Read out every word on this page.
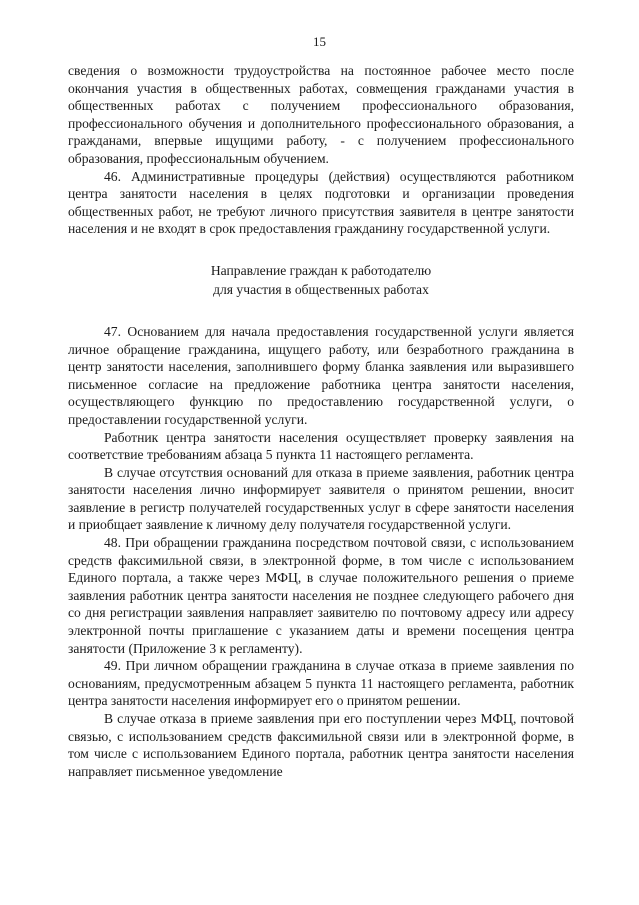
15

сведения о возможности трудоустройства на постоянное рабочее место после окончания участия в общественных работах, совмещения гражданами участия в общественных работах с получением профессионального образования, профессионального обучения и дополнительного профессионального образования, а гражданами, впервые ищущими работу, - с получением профессионального образования, профессиональным обучением.

46. Административные процедуры (действия) осуществляются работником центра занятости населения в целях подготовки и организации проведения общественных работ, не требуют личного присутствия заявителя в центре занятости населения и не входят в срок предоставления гражданину государственной услуги.

Направление граждан к работодателю
для участия в общественных работах

47. Основанием для начала предоставления государственной услуги является личное обращение гражданина, ищущего работу, или безработного гражданина в центр занятости населения, заполнившего форму бланка заявления или выразившего письменное согласие на предложение работника центра занятости населения, осуществляющего функцию по предоставлению государственной услуги, о предоставлении государственной услуги.

Работник центра занятости населения осуществляет проверку заявления на соответствие требованиям абзаца 5 пункта 11 настоящего регламента.

В случае отсутствия оснований для отказа в приеме заявления, работник центра занятости населения лично информирует заявителя о принятом решении, вносит заявление в регистр получателей государственных услуг в сфере занятости населения и приобщает заявление к личному делу получателя государственной услуги.

48. При обращении гражданина посредством почтовой связи, с использованием средств факсимильной связи, в электронной форме, в том числе с использованием Единого портала, а также через МФЦ, в случае положительного решения о приеме заявления работник центра занятости населения не позднее следующего рабочего дня со дня регистрации заявления направляет заявителю по почтовому адресу или адресу электронной почты приглашение с указанием даты и времени посещения центра занятости (Приложение 3 к регламенту).

49. При личном обращении гражданина в случае отказа в приеме заявления по основаниям, предусмотренным абзацем 5 пункта 11 настоящего регламента, работник центра занятости населения информирует его о принятом решении.

В случае отказа в приеме заявления при его поступлении через МФЦ, почтовой связью, с использованием средств факсимильной связи или в электронной форме, в том числе с использованием Единого портала, работник центра занятости населения направляет письменное уведомление
